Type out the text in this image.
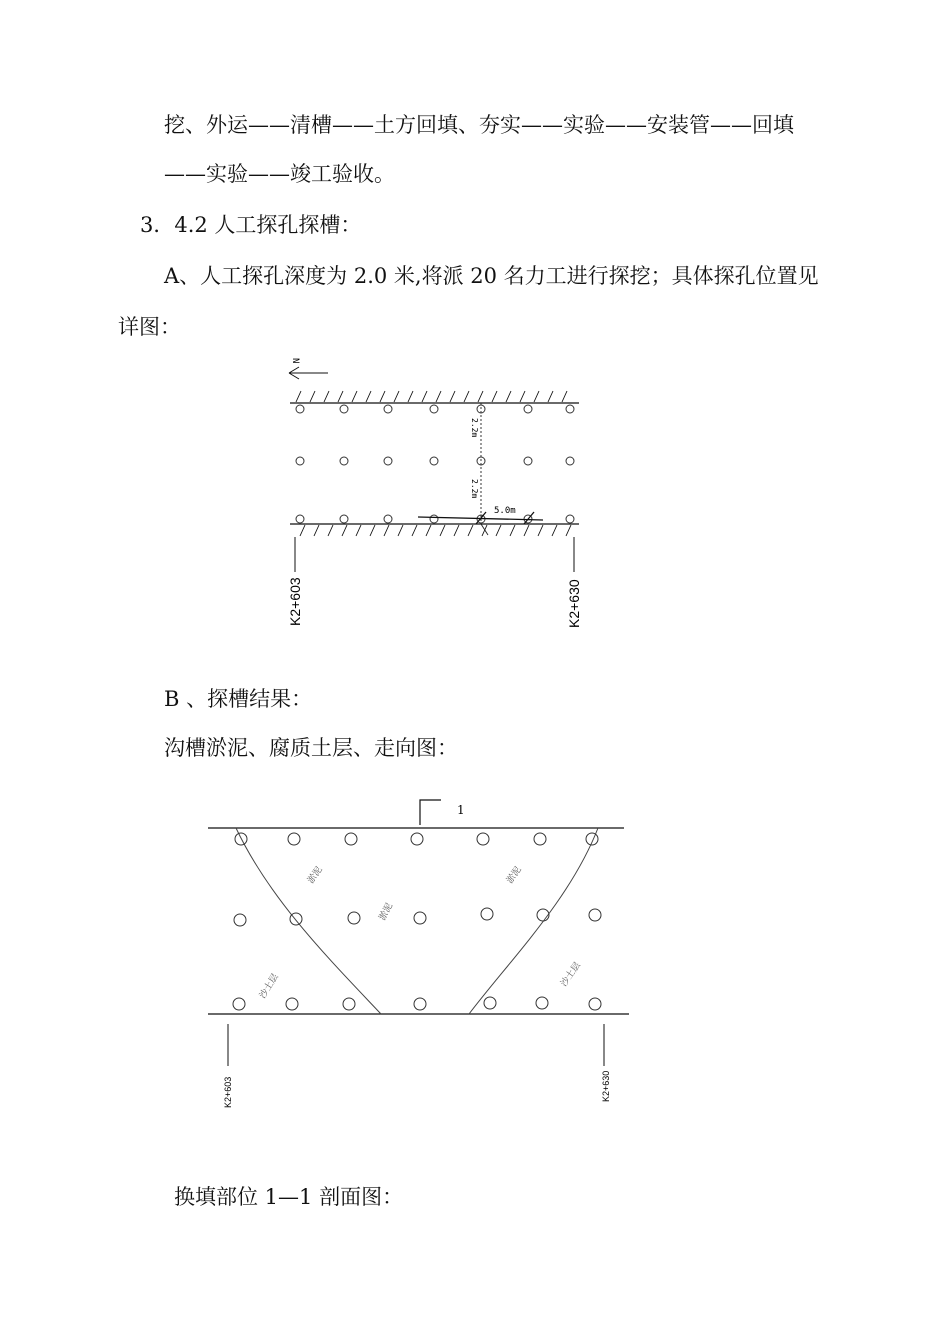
挖、外运——清槽——土方回填、夯实——实验——安装管——回填
——实验——竣工验收。
3．4.2 人工探孔探槽：
A、人工探孔深度为 2.0 米,将派 20 名力工进行探挖；具体探孔位置见
详图：
B 、探槽结果：
沟槽淤泥、腐质土层、走向图：
换填部位 1—1 剖面图：
N
2.2m
2.2m
5.0m
K2+603	K2+630
1
淤泥
淤泥
淤泥
沙土层	沙土层
K2+603	K2+630
